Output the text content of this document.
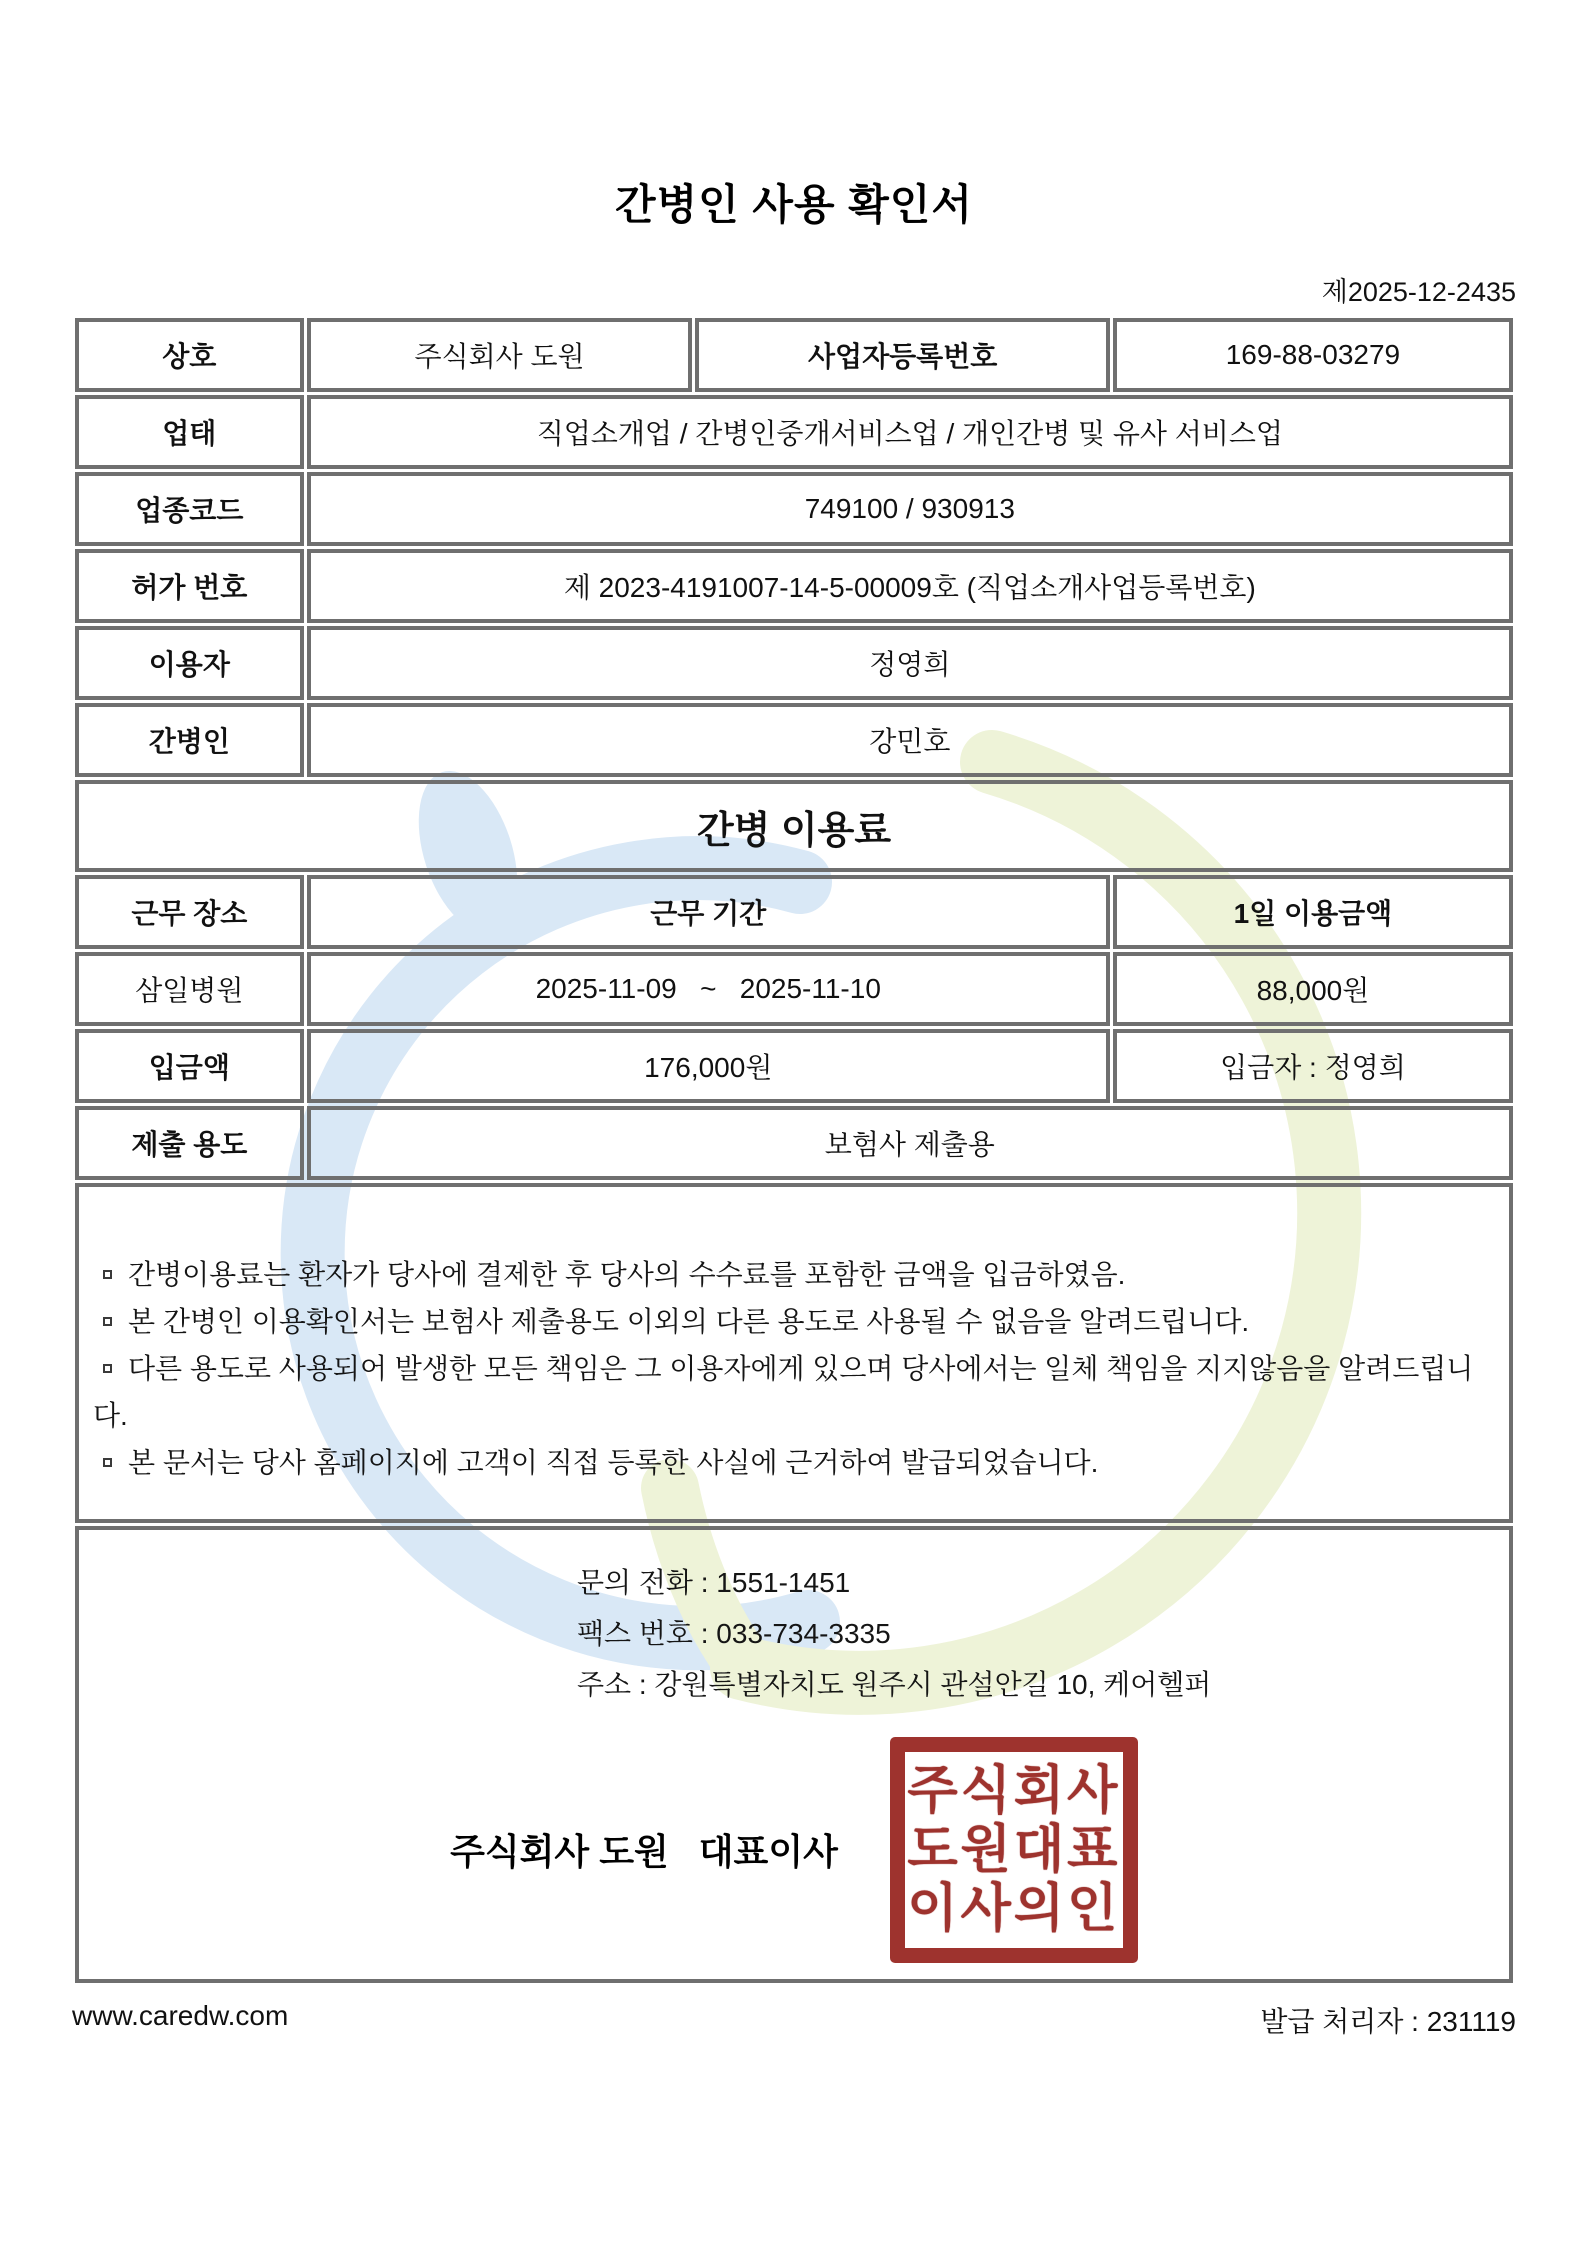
간병인 사용 확인서
제2025-12-2435
상호	주식회사 도원	사업자등록번호	169-88-03279
업태	직업소개업 / 간병인중개서비스업 / 개인간병 및 유사 서비스업		
업종코드	749100 / 930913		
허가 번호	제 2023-4191007-14-5-00009호 (직업소개사업등록번호)		
이용자	정영희		
간병인	강민호		
간병 이용료			
근무 장소	근무 기간		1일 이용금액
삼일병원	2025-11-09   ~   2025-11-10		88,000원
입금액	176,000원		입금자 : 정영희
제출 용도	보험사 제출용		

간병이용료는 환자가 당사에 결제한 후 당사의 수수료를 포함한 금액을 입금하였음.
본 간병인 이용확인서는 보험사 제출용도 이외의 다른 용도로 사용될 수 없음을 알려드립니다.
다른 용도로 사용되어 발생한 모든 책임은 그 이용자에게 있으며 당사에서는 일체 책임을 지지않음을 알려드립니다.
본 문서는 당사 홈페이지에 고객이 직접 등록한 사실에 근거하여 발급되었습니다.			

문의 전화 : 1551-1451
팩스 번호 : 033-734-3335
주소 : 강원특별자치도 원주시 관설안길 10, 케어헬퍼
주식회사 도원   대표이사
주식회사
도원대표
이사의인
www.caredw.com	발급 처리자 : 231119
